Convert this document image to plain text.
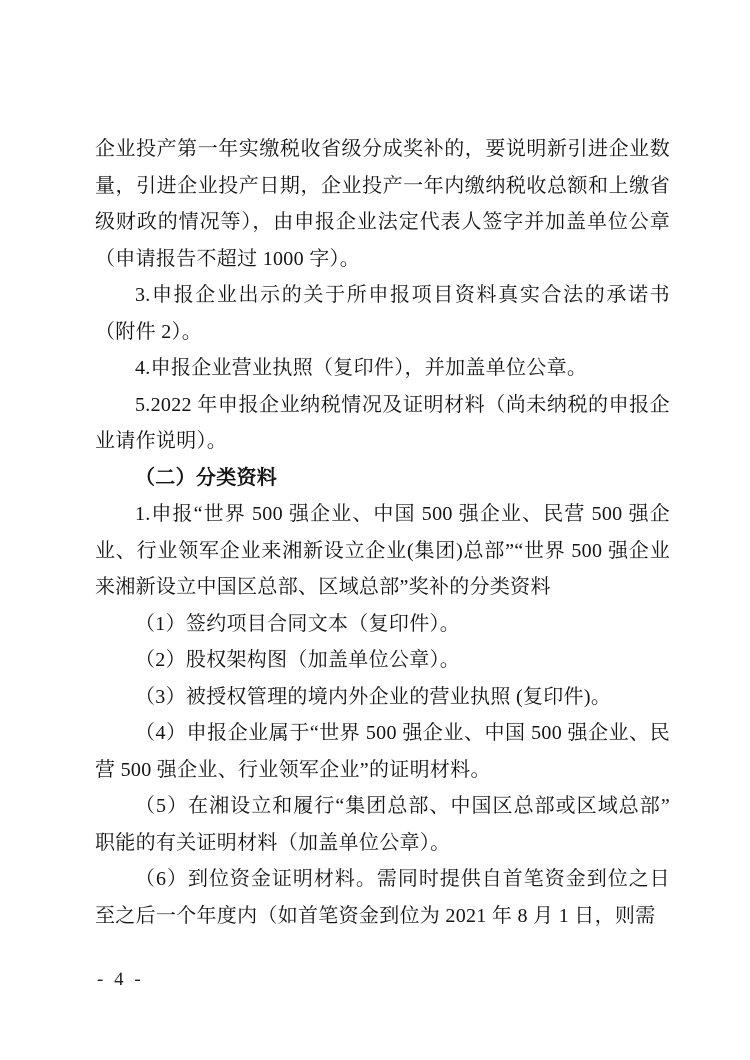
企业投产第一年实缴税收省级分成奖补的，要说明新引进企业数量，引进企业投产日期，企业投产一年内缴纳税收总额和上缴省级财政的情况等），由申报企业法定代表人签字并加盖单位公章（申请报告不超过 1000 字）。

3.申报企业出示的关于所申报项目资料真实合法的承诺书（附件 2）。

4.申报企业营业执照（复印件），并加盖单位公章。

5.2022 年申报企业纳税情况及证明材料（尚未纳税的申报企业请作说明）。

（二）分类资料

1.申报“世界 500 强企业、中国 500 强企业、民营 500 强企业、行业领军企业来湘新设立企业(集团)总部”“世界 500 强企业来湘新设立中国区总部、区域总部”奖补的分类资料

（1）签约项目合同文本（复印件）。

（2）股权架构图（加盖单位公章）。

（3）被授权管理的境内外企业的营业执照 (复印件)。

（4）申报企业属于“世界 500 强企业、中国 500 强企业、民营 500 强企业、行业领军企业”的证明材料。

（5）在湘设立和履行“集团总部、中国区总部或区域总部”职能的有关证明材料（加盖单位公章）。

（6）到位资金证明材料。需同时提供自首笔资金到位之日至之后一个年度内（如首笔资金到位为 2021 年 8 月 1 日，则需

- 4 -
